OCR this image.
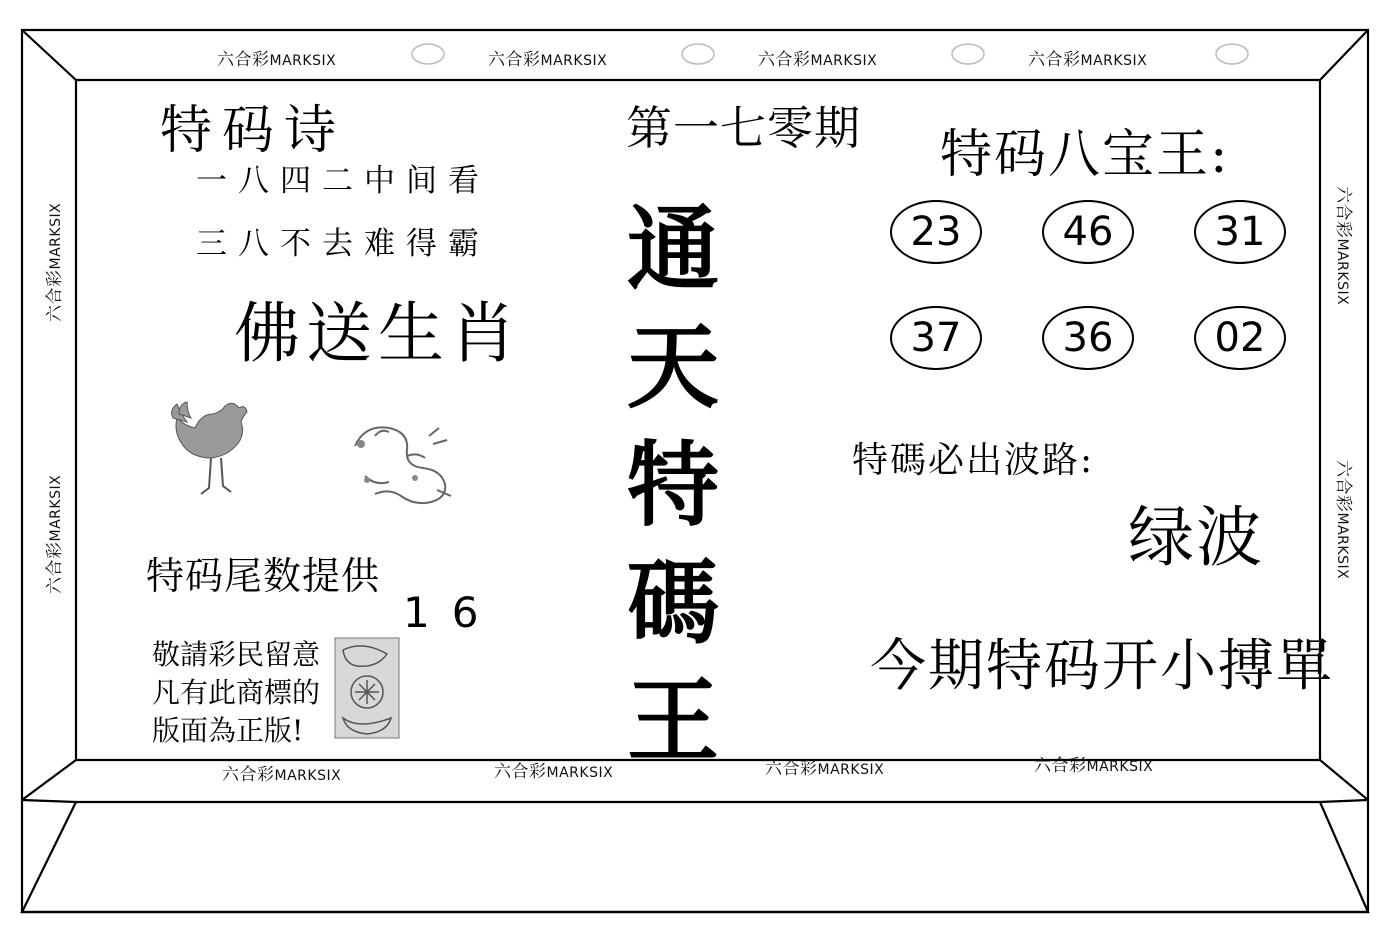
六合彩MARKSIX	六合彩MARKSIX	六合彩MARKSIX	六合彩MARKSIX
六合彩MARKSIX	六合彩MARKSIX	六合彩MARKSIX	六合彩MARKSIX
六合彩MARKSIX
六合彩MARKSIX
六合彩MARKSIX
六合彩MARKSIX
特码诗
一八四二中间看
三八不去难得霸
佛送生肖
特码尾数提供
16
敬請彩民留意
凡有此商標的
版面為正版!
第一七零期
通
天
特
碼
王
特码八宝王:
23	46	31
37	36	02
特碼必出波路:
绿波
今期特码开小搏單
